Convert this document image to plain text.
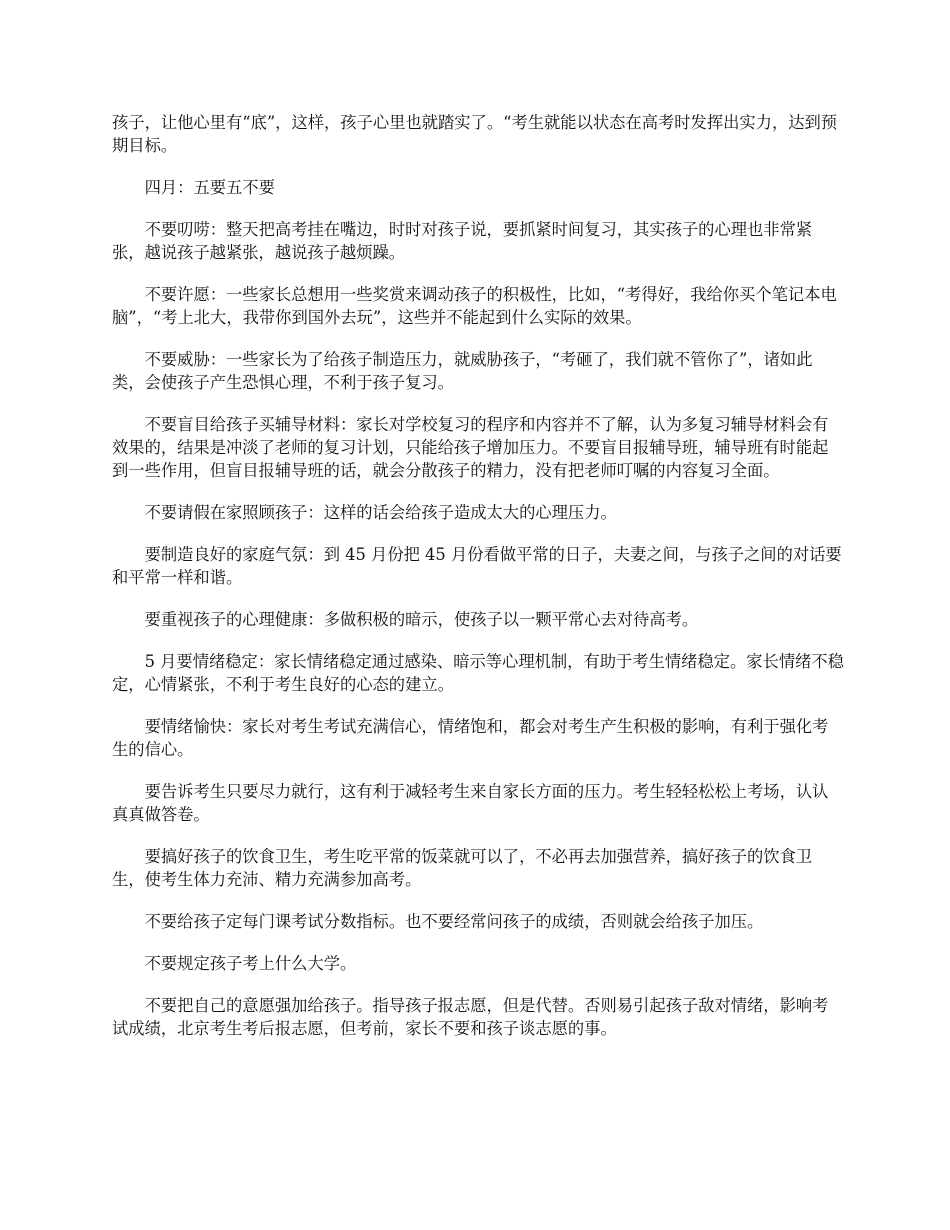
孩子，让他心里有“底”，这样，孩子心里也就踏实了。“考生就能以状态在高考时发挥出实力，达到预期目标。

四月：五要五不要

不要叨唠：整天把高考挂在嘴边，时时对孩子说，要抓紧时间复习，其实孩子的心理也非常紧张，越说孩子越紧张，越说孩子越烦躁。

不要许愿：一些家长总想用一些奖赏来调动孩子的积极性，比如，“考得好，我给你买个笔记本电脑”，“考上北大，我带你到国外去玩”，这些并不能起到什么实际的效果。

不要威胁：一些家长为了给孩子制造压力，就威胁孩子，“考砸了，我们就不管你了”，诸如此类，会使孩子产生恐惧心理，不利于孩子复习。

不要盲目给孩子买辅导材料：家长对学校复习的程序和内容并不了解，认为多复习辅导材料会有效果的，结果是冲淡了老师的复习计划，只能给孩子增加压力。不要盲目报辅导班，辅导班有时能起到一些作用，但盲目报辅导班的话，就会分散孩子的精力，没有把老师叮嘱的内容复习全面。

不要请假在家照顾孩子：这样的话会给孩子造成太大的心理压力。

要制造良好的家庭气氛：到 45 月份把 45 月份看做平常的日子，夫妻之间，与孩子之间的对话要和平常一样和谐。

要重视孩子的心理健康：多做积极的暗示，使孩子以一颗平常心去对待高考。

5 月要情绪稳定：家长情绪稳定通过感染、暗示等心理机制，有助于考生情绪稳定。家长情绪不稳定，心情紧张，不利于考生良好的心态的建立。

要情绪愉快：家长对考生考试充满信心，情绪饱和，都会对考生产生积极的影响，有利于强化考生的信心。

要告诉考生只要尽力就行，这有利于减轻考生来自家长方面的压力。考生轻轻松松上考场，认认真真做答卷。

要搞好孩子的饮食卫生，考生吃平常的饭菜就可以了，不必再去加强营养，搞好孩子的饮食卫生，使考生体力充沛、精力充满参加高考。

不要给孩子定每门课考试分数指标。也不要经常问孩子的成绩，否则就会给孩子加压。

不要规定孩子考上什么大学。

不要把自己的意愿强加给孩子。指导孩子报志愿，但是代替。否则易引起孩子敌对情绪，影响考试成绩，北京考生考后报志愿，但考前，家长不要和孩子谈志愿的事。
